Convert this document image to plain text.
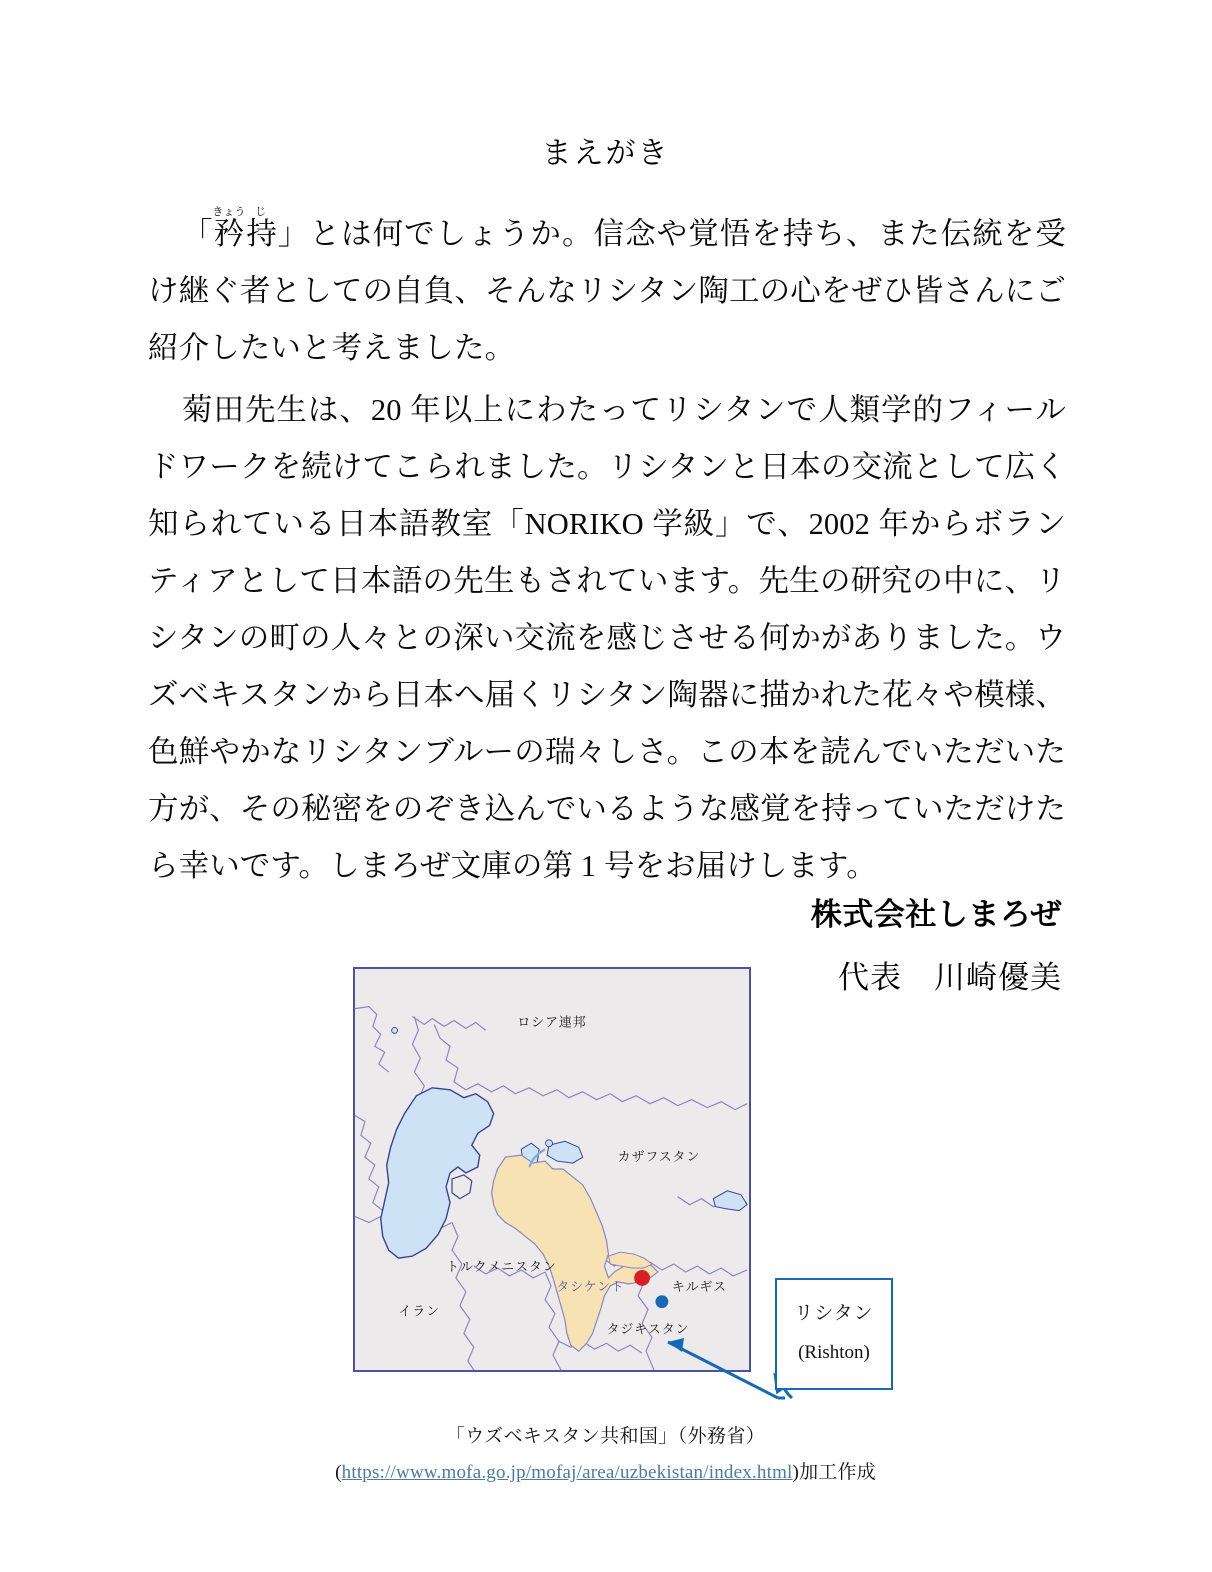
まえがき

「矜きょう持じ」とは何でしょうか。信念や覚悟を持ち、また伝統を受け継ぐ者としての自負、そんなリシタン陶工の心をぜひ皆さんにご紹介したいと考えました。

菊田先生は、20 年以上にわたってリシタンで人類学的フィールドワークを続けてこられました。リシタンと日本の交流として広く知られている日本語教室「NORIKO 学級」で、2002 年からボランティアとして日本語の先生もされています。先生の研究の中に、リシタンの町の人々との深い交流を感じさせる何かがありました。ウズベキスタンから日本へ届くリシタン陶器に描かれた花々や模様、色鮮やかなリシタンブルーの瑞々しさ。この本を読んでいただいた方が、その秘密をのぞき込んでいるような感覚を持っていただけたら幸いです。しまろぜ文庫の第 1 号をお届けします。

株式会社しまろぜ
代表　川崎優美
ロシア連邦
カザフスタン
トルクメニスタン
イラン
タシケント	キルギス
タジキスタン
リシタン
(Rishton)
「ウズベキスタン共和国」（外務省）
(https://www.mofa.go.jp/mofaj/area/uzbekistan/index.html)加工作成
